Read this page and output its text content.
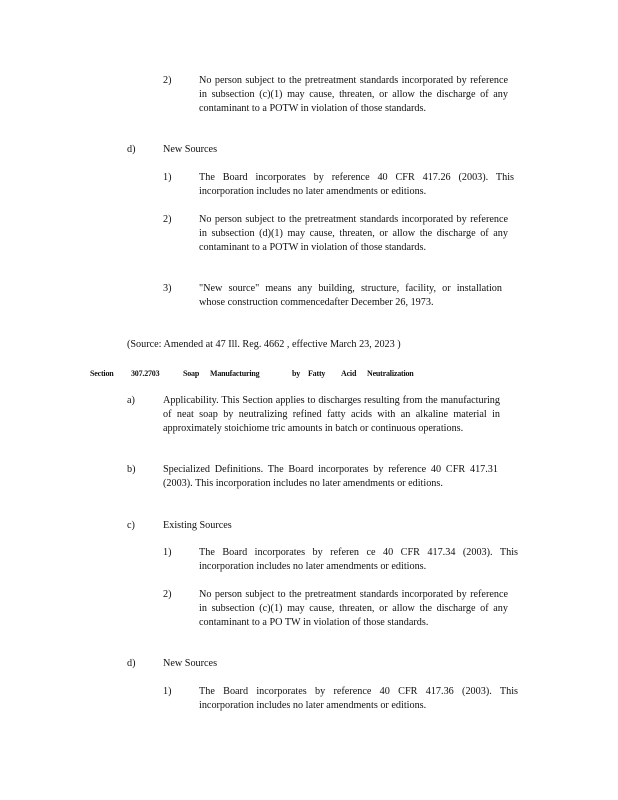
2)	No person subject to the pretreatment standards incorporated by reference in subsection (c)(1) may cause, threaten, or allow the discharge of any contaminant to a POTW in violation of those standards.
d)	New Sources
1)	The Board incorporates by reference 40 CFR 417.26 (2003). This incorporation includes no later amendments or editions.
2)	No person subject to the pretreatment standards incorporated by reference in subsection (d)(1) may cause, threaten, or allow the discharge of any contaminant to a POTW in violation of those standards.
3)	"New source" means any building, structure, facility, or installation whose construction commencedafter December 26, 1973.
(Source: Amended at 47 Ill. Reg. 4662 , effective March 23, 2023 )
Section 307.2703	Soap Manufacturing	by Fatty Acid Neutralization
a)	Applicability. This Section applies to discharges resulting from the manufacturing of neat soap by neutralizing refined fatty acids with an alkaline material in approximately stoichiome tric amounts in batch or continuous operations.
b)	Specialized Definitions. The Board incorporates by reference 40 CFR 417.31 (2003). This incorporation includes no later amendments or editions.
c)	Existing Sources
1)	The Board incorporates by referen ce 40 CFR 417.34 (2003). This incorporation includes no later amendments or editions.
2)	No person subject to the pretreatment standards incorporated by reference in subsection (c)(1) may cause, threaten, or allow the discharge of any contaminant to a PO TW in violation of those standards.
d)	New Sources
1)	The Board incorporates by reference 40 CFR 417.36 (2003). This incorporation includes no later amendments or editions.
